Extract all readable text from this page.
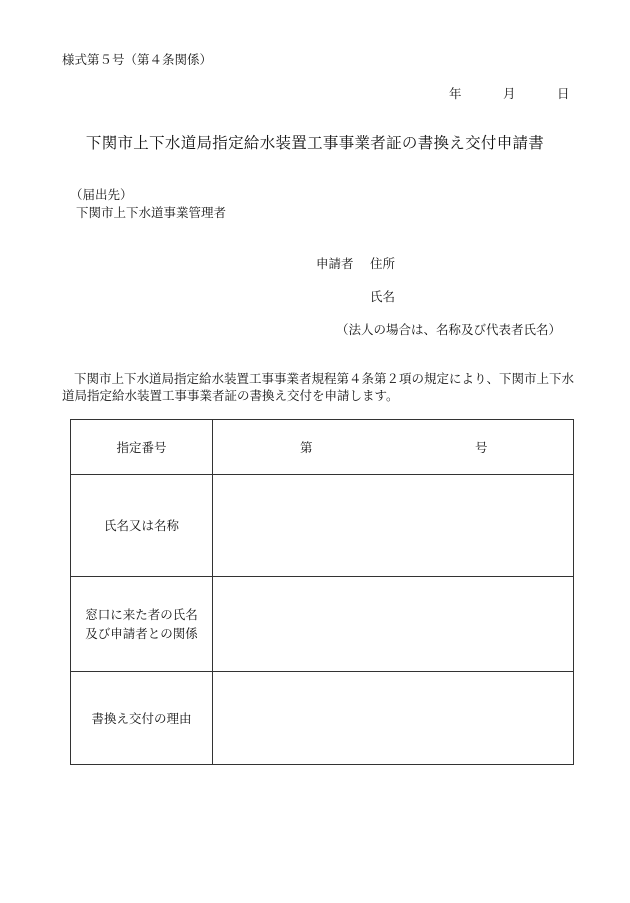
様式第５号（第４条関係）
年	月	日
下関市上下水道局指定給水装置工事事業者証の書換え交付申請書
（届出先）
下関市上下水道事業管理者
申請者 住所
氏名
（法人の場合は、名称及び代表者氏名）
下関市上下水道局指定給水装置工事事業者規程第４条第２項の規定により、下関市上下水道局指定給水装置工事事業者証の書換え交付を申請します。
指定番号	第 号

氏名又は名称	

窓口に来た者の氏名
及び申請者との関係	

書換え交付の理由	
